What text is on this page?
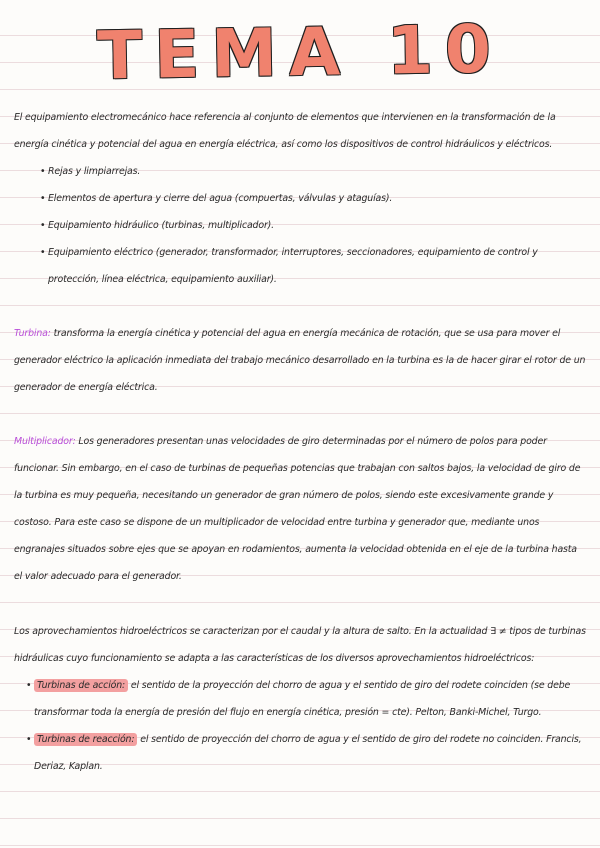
TEMA 10

El equipamiento electromecánico hace referencia al conjunto de elementos que intervienen en la transformación de la energía cinética y potencial del agua en energía eléctrica, así como los dispositivos de control hidráulicos y eléctricos.

• Rejas y limpiarrejas.
• Elementos de apertura y cierre del agua (compuertas, válvulas y ataguías).
• Equipamiento hidráulico (turbinas, multiplicador).
• Equipamiento eléctrico (generador, transformador, interruptores, seccionadores, equipamiento de control y protección, línea eléctrica, equipamiento auxiliar).

Turbina: transforma la energía cinética y potencial del agua en energía mecánica de rotación, que se usa para mover el generador eléctrico la aplicación inmediata del trabajo mecánico desarrollado en la turbina es la de hacer girar el rotor de un generador de energía eléctrica.

Multiplicador: Los generadores presentan unas velocidades de giro determinadas por el número de polos para poder funcionar. Sin embargo, en el caso de turbinas de pequeñas potencias que trabajan con saltos bajos, la velocidad de giro de la turbina es muy pequeña, necesitando un generador de gran número de polos, siendo este excesivamente grande y costoso. Para este caso se dispone de un multiplicador de velocidad entre turbina y generador que, mediante unos engranajes situados sobre ejes que se apoyan en rodamientos, aumenta la velocidad obtenida en el eje de la turbina hasta el valor adecuado para el generador.

Los aprovechamientos hidroeléctricos se caracterizan por el caudal y la altura de salto. En la actualidad ∃ ≠ tipos de turbinas hidráulicas cuyo funcionamiento se adapta a las características de los diversos aprovechamientos hidroeléctricos:

• Turbinas de acción: el sentido de la proyección del chorro de agua y el sentido de giro del rodete coinciden (se debe transformar toda la energía de presión del flujo en energía cinética, presión = cte). Pelton, Banki-Michel, Turgo.
• Turbinas de reacción: el sentido de proyección del chorro de agua y el sentido de giro del rodete no coinciden. Francis, Deriaz, Kaplan.
